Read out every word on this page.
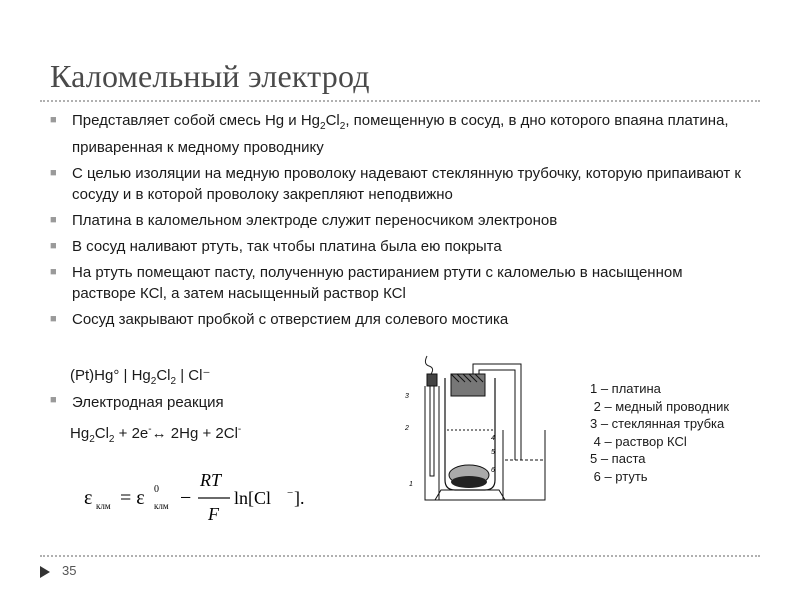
Каломельный электрод
■	Представляет собой смесь Hg и $Hg_2Cl_2$, помещенную в сосуд, в дно которого впаяна платина, приваренная к медному проводнику
■	С целью изоляции на медную проволоку надевают стеклянную трубочку, которую припаивают к сосуду и в которой проволоку закрепляют неподвижно
■	Платина в каломельном электроде служит переносчиком электронов
■	В сосуд наливают ртуть, так чтобы платина была ею покрыта
■	На ртуть помещают пасту, полученную растиранием ртути с каломелью в насыщенном растворе КСl, а затем насыщенный раствор КСl
■	Сосуд закрывают пробкой с отверстием для солевого мостика
(Pt)Hg° | $Hg_2Cl_2$ | Cl⁻
■	Электродная реакция
$Hg_2Cl_2$ + 2e-↔ 2Hg + 2Cl-
ε клм = ε 0
клм −
RT
F
ln[Cl − ].
3
2
1
4
5
6
1 – платина
2 – медный проводник
3 – стеклянная трубка
4 – раствор КСl
5 – паста
6 – ртуть
35
